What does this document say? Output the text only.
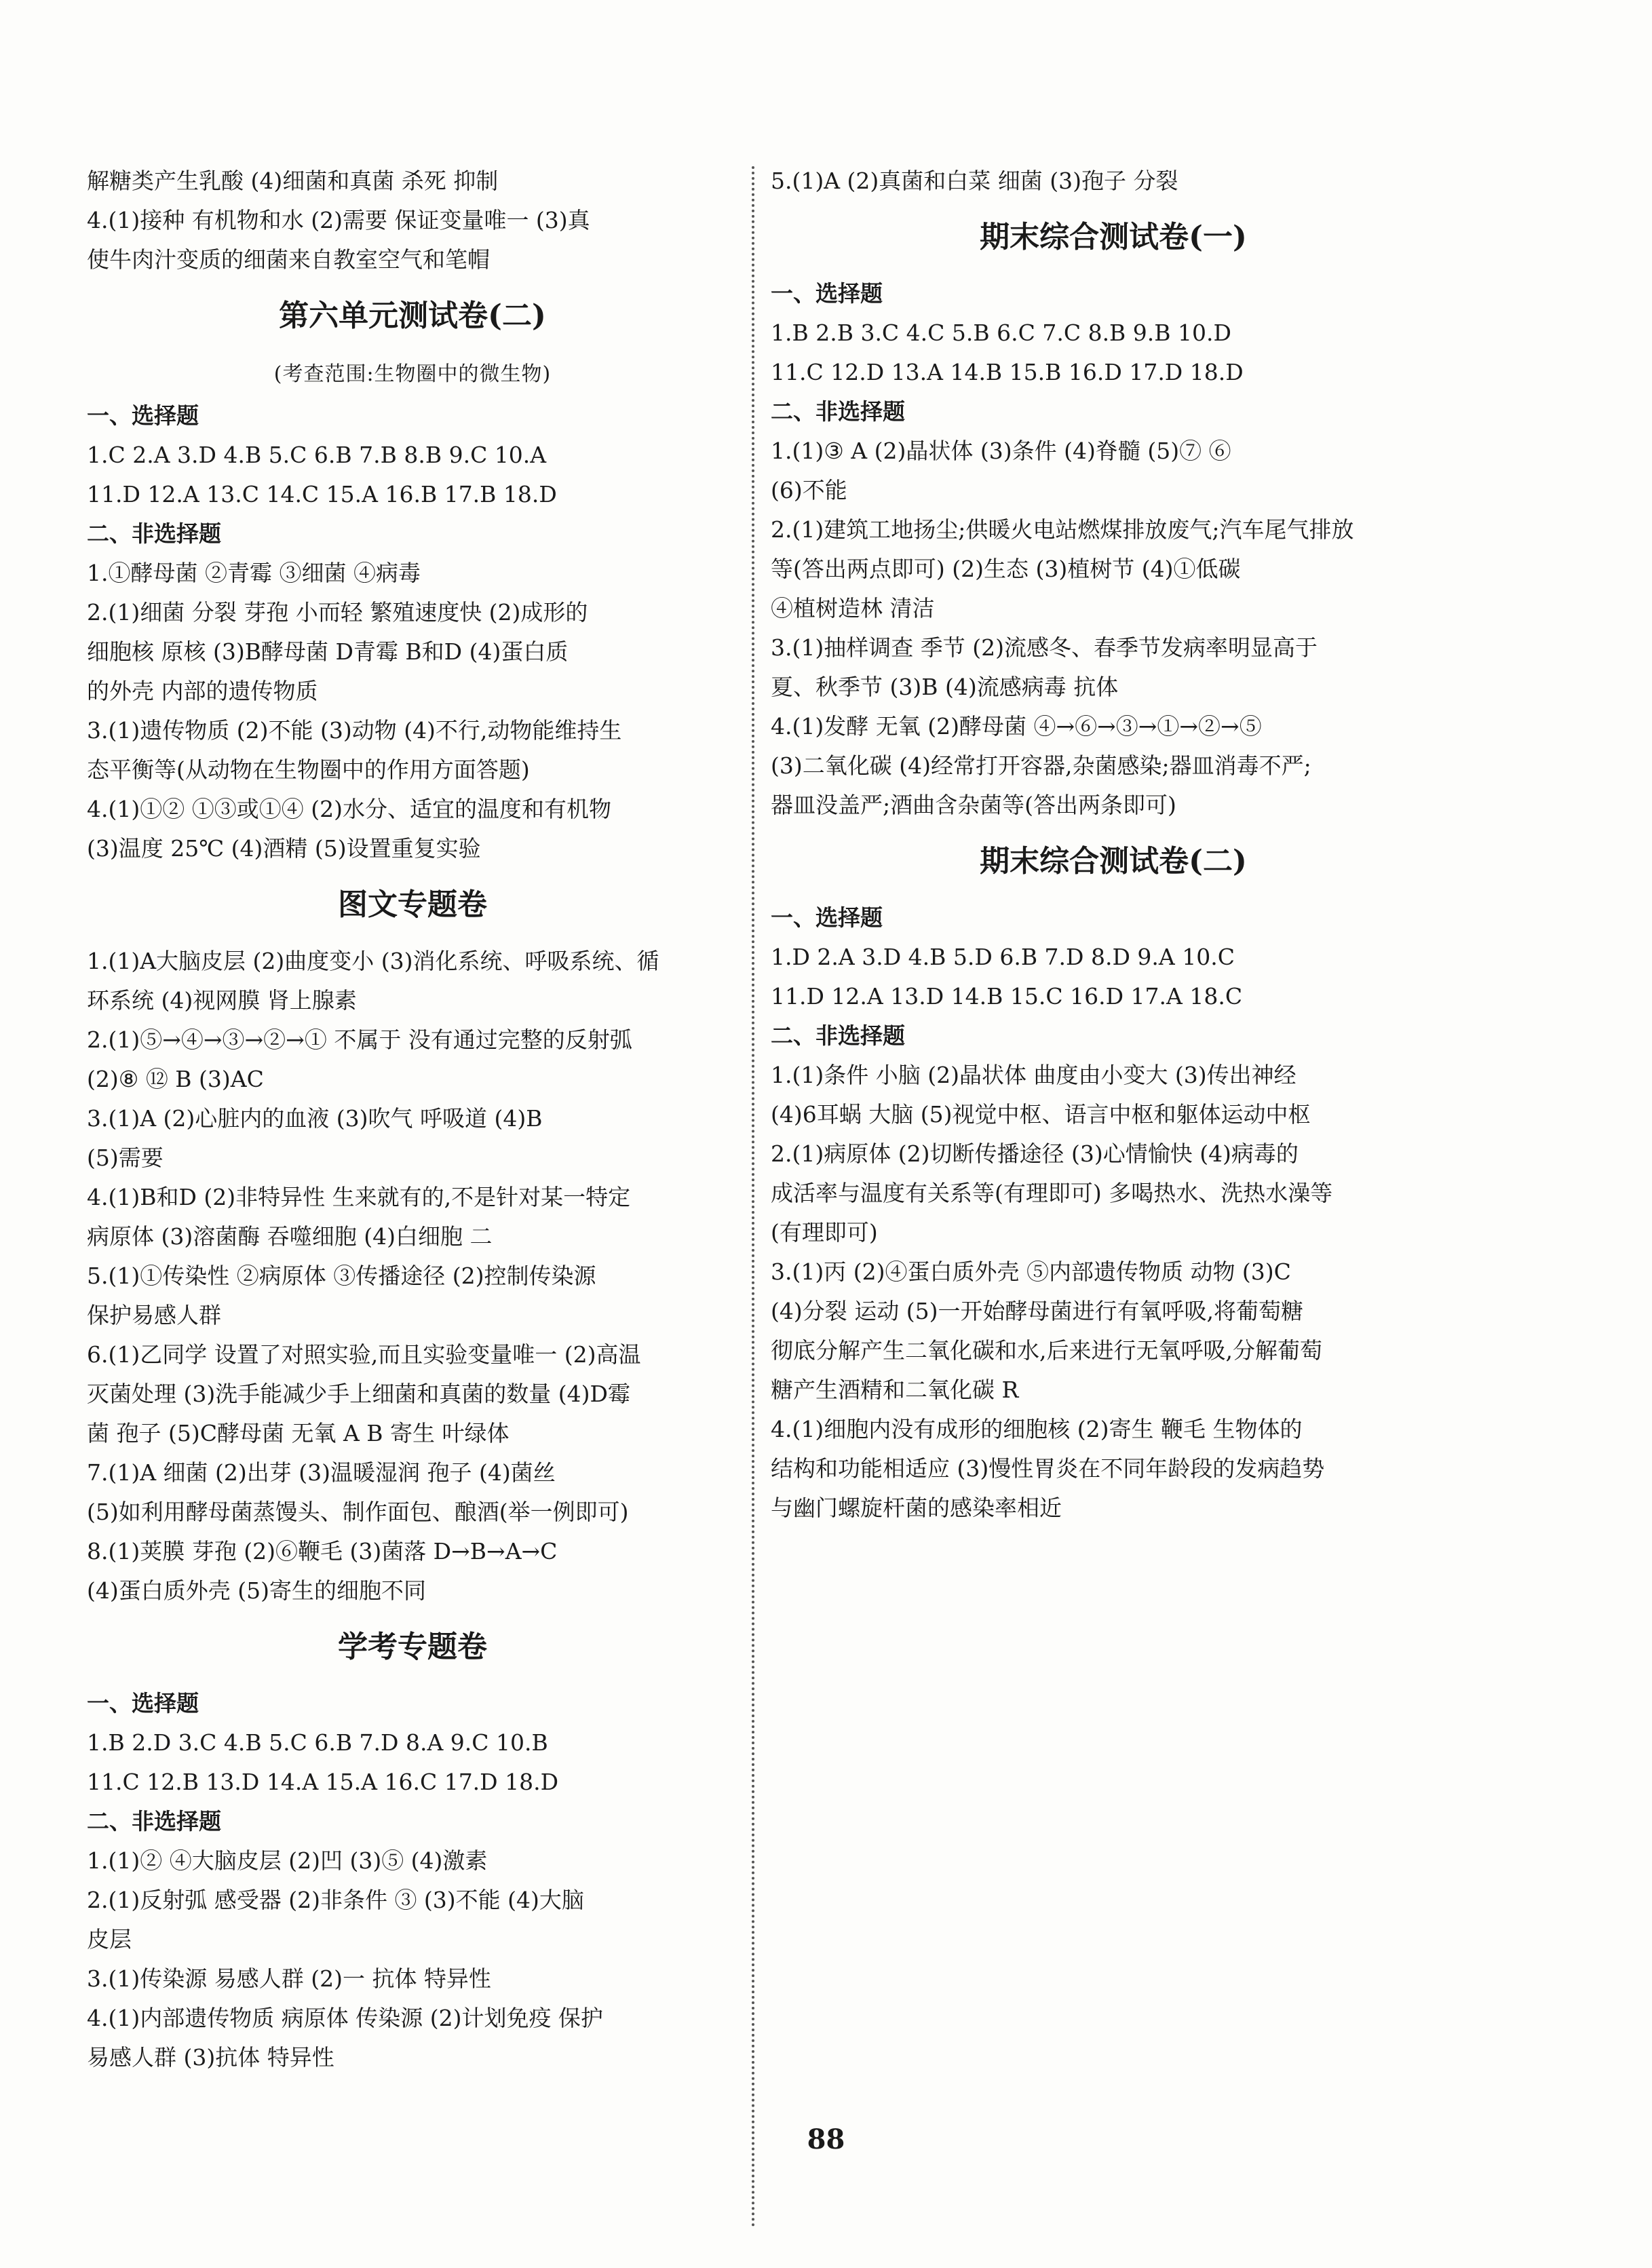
解糖类产生乳酸 (4)细菌和真菌 杀死 抑制
4.(1)接种 有机物和水 (2)需要 保证变量唯一 (3)真
使牛肉汁变质的细菌来自教室空气和笔帽
第六单元测试卷(二)
(考查范围:生物圈中的微生物)
一、选择题
1.C 2.A 3.D 4.B 5.C 6.B 7.B 8.B 9.C 10.A
11.D 12.A 13.C 14.C 15.A 16.B 17.B 18.D
二、非选择题
1.①酵母菌 ②青霉 ③细菌 ④病毒
2.(1)细菌 分裂 芽孢 小而轻 繁殖速度快 (2)成形的
细胞核 原核 (3)B酵母菌 D青霉 B和D (4)蛋白质
的外壳 内部的遗传物质
3.(1)遗传物质 (2)不能 (3)动物 (4)不行,动物能维持生
态平衡等(从动物在生物圈中的作用方面答题)
4.(1)①② ①③或①④ (2)水分、适宜的温度和有机物
(3)温度 25℃ (4)酒精 (5)设置重复实验
图文专题卷
1.(1)A大脑皮层 (2)曲度变小 (3)消化系统、呼吸系统、循
环系统 (4)视网膜 肾上腺素
2.(1)⑤→④→③→②→① 不属于 没有通过完整的反射弧
(2)⑧ ⑫ B (3)AC
3.(1)A (2)心脏内的血液 (3)吹气 呼吸道 (4)B
(5)需要
4.(1)B和D (2)非特异性 生来就有的,不是针对某一特定
病原体 (3)溶菌酶 吞噬细胞 (4)白细胞 二
5.(1)①传染性 ②病原体 ③传播途径 (2)控制传染源
保护易感人群
6.(1)乙同学 设置了对照实验,而且实验变量唯一 (2)高温
灭菌处理 (3)洗手能减少手上细菌和真菌的数量 (4)D霉
菌 孢子 (5)C酵母菌 无氧 A B 寄生 叶绿体
7.(1)A 细菌 (2)出芽 (3)温暖湿润 孢子 (4)菌丝
(5)如利用酵母菌蒸馒头、制作面包、酿酒(举一例即可)
8.(1)荚膜 芽孢 (2)⑥鞭毛 (3)菌落 D→B→A→C
(4)蛋白质外壳 (5)寄生的细胞不同
学考专题卷
一、选择题
1.B 2.D 3.C 4.B 5.C 6.B 7.D 8.A 9.C 10.B
11.C 12.B 13.D 14.A 15.A 16.C 17.D 18.D
二、非选择题
1.(1)② ④大脑皮层 (2)凹 (3)⑤ (4)激素
2.(1)反射弧 感受器 (2)非条件 ③ (3)不能 (4)大脑
皮层
3.(1)传染源 易感人群 (2)一 抗体 特异性
4.(1)内部遗传物质 病原体 传染源 (2)计划免疫 保护
易感人群 (3)抗体 特异性
5.(1)A (2)真菌和白菜 细菌 (3)孢子 分裂
期末综合测试卷(一)
一、选择题
1.B 2.B 3.C 4.C 5.B 6.C 7.C 8.B 9.B 10.D
11.C 12.D 13.A 14.B 15.B 16.D 17.D 18.D
二、非选择题
1.(1)③ A (2)晶状体 (3)条件 (4)脊髓 (5)⑦ ⑥
(6)不能
2.(1)建筑工地扬尘;供暖火电站燃煤排放废气;汽车尾气排放
等(答出两点即可) (2)生态 (3)植树节 (4)①低碳
④植树造林 清洁
3.(1)抽样调查 季节 (2)流感冬、春季节发病率明显高于
夏、秋季节 (3)B (4)流感病毒 抗体
4.(1)发酵 无氧 (2)酵母菌 ④→⑥→③→①→②→⑤
(3)二氧化碳 (4)经常打开容器,杂菌感染;器皿消毒不严;
器皿没盖严;酒曲含杂菌等(答出两条即可)
期末综合测试卷(二)
一、选择题
1.D 2.A 3.D 4.B 5.D 6.B 7.D 8.D 9.A 10.C
11.D 12.A 13.D 14.B 15.C 16.D 17.A 18.C
二、非选择题
1.(1)条件 小脑 (2)晶状体 曲度由小变大 (3)传出神经
(4)6耳蜗 大脑 (5)视觉中枢、语言中枢和躯体运动中枢
2.(1)病原体 (2)切断传播途径 (3)心情愉快 (4)病毒的
成活率与温度有关系等(有理即可) 多喝热水、洗热水澡等
(有理即可)
3.(1)丙 (2)④蛋白质外壳 ⑤内部遗传物质 动物 (3)C
(4)分裂 运动 (5)一开始酵母菌进行有氧呼吸,将葡萄糖
彻底分解产生二氧化碳和水,后来进行无氧呼吸,分解葡萄
糖产生酒精和二氧化碳 R
4.(1)细胞内没有成形的细胞核 (2)寄生 鞭毛 生物体的
结构和功能相适应 (3)慢性胃炎在不同年龄段的发病趋势
与幽门螺旋杆菌的感染率相近
88
